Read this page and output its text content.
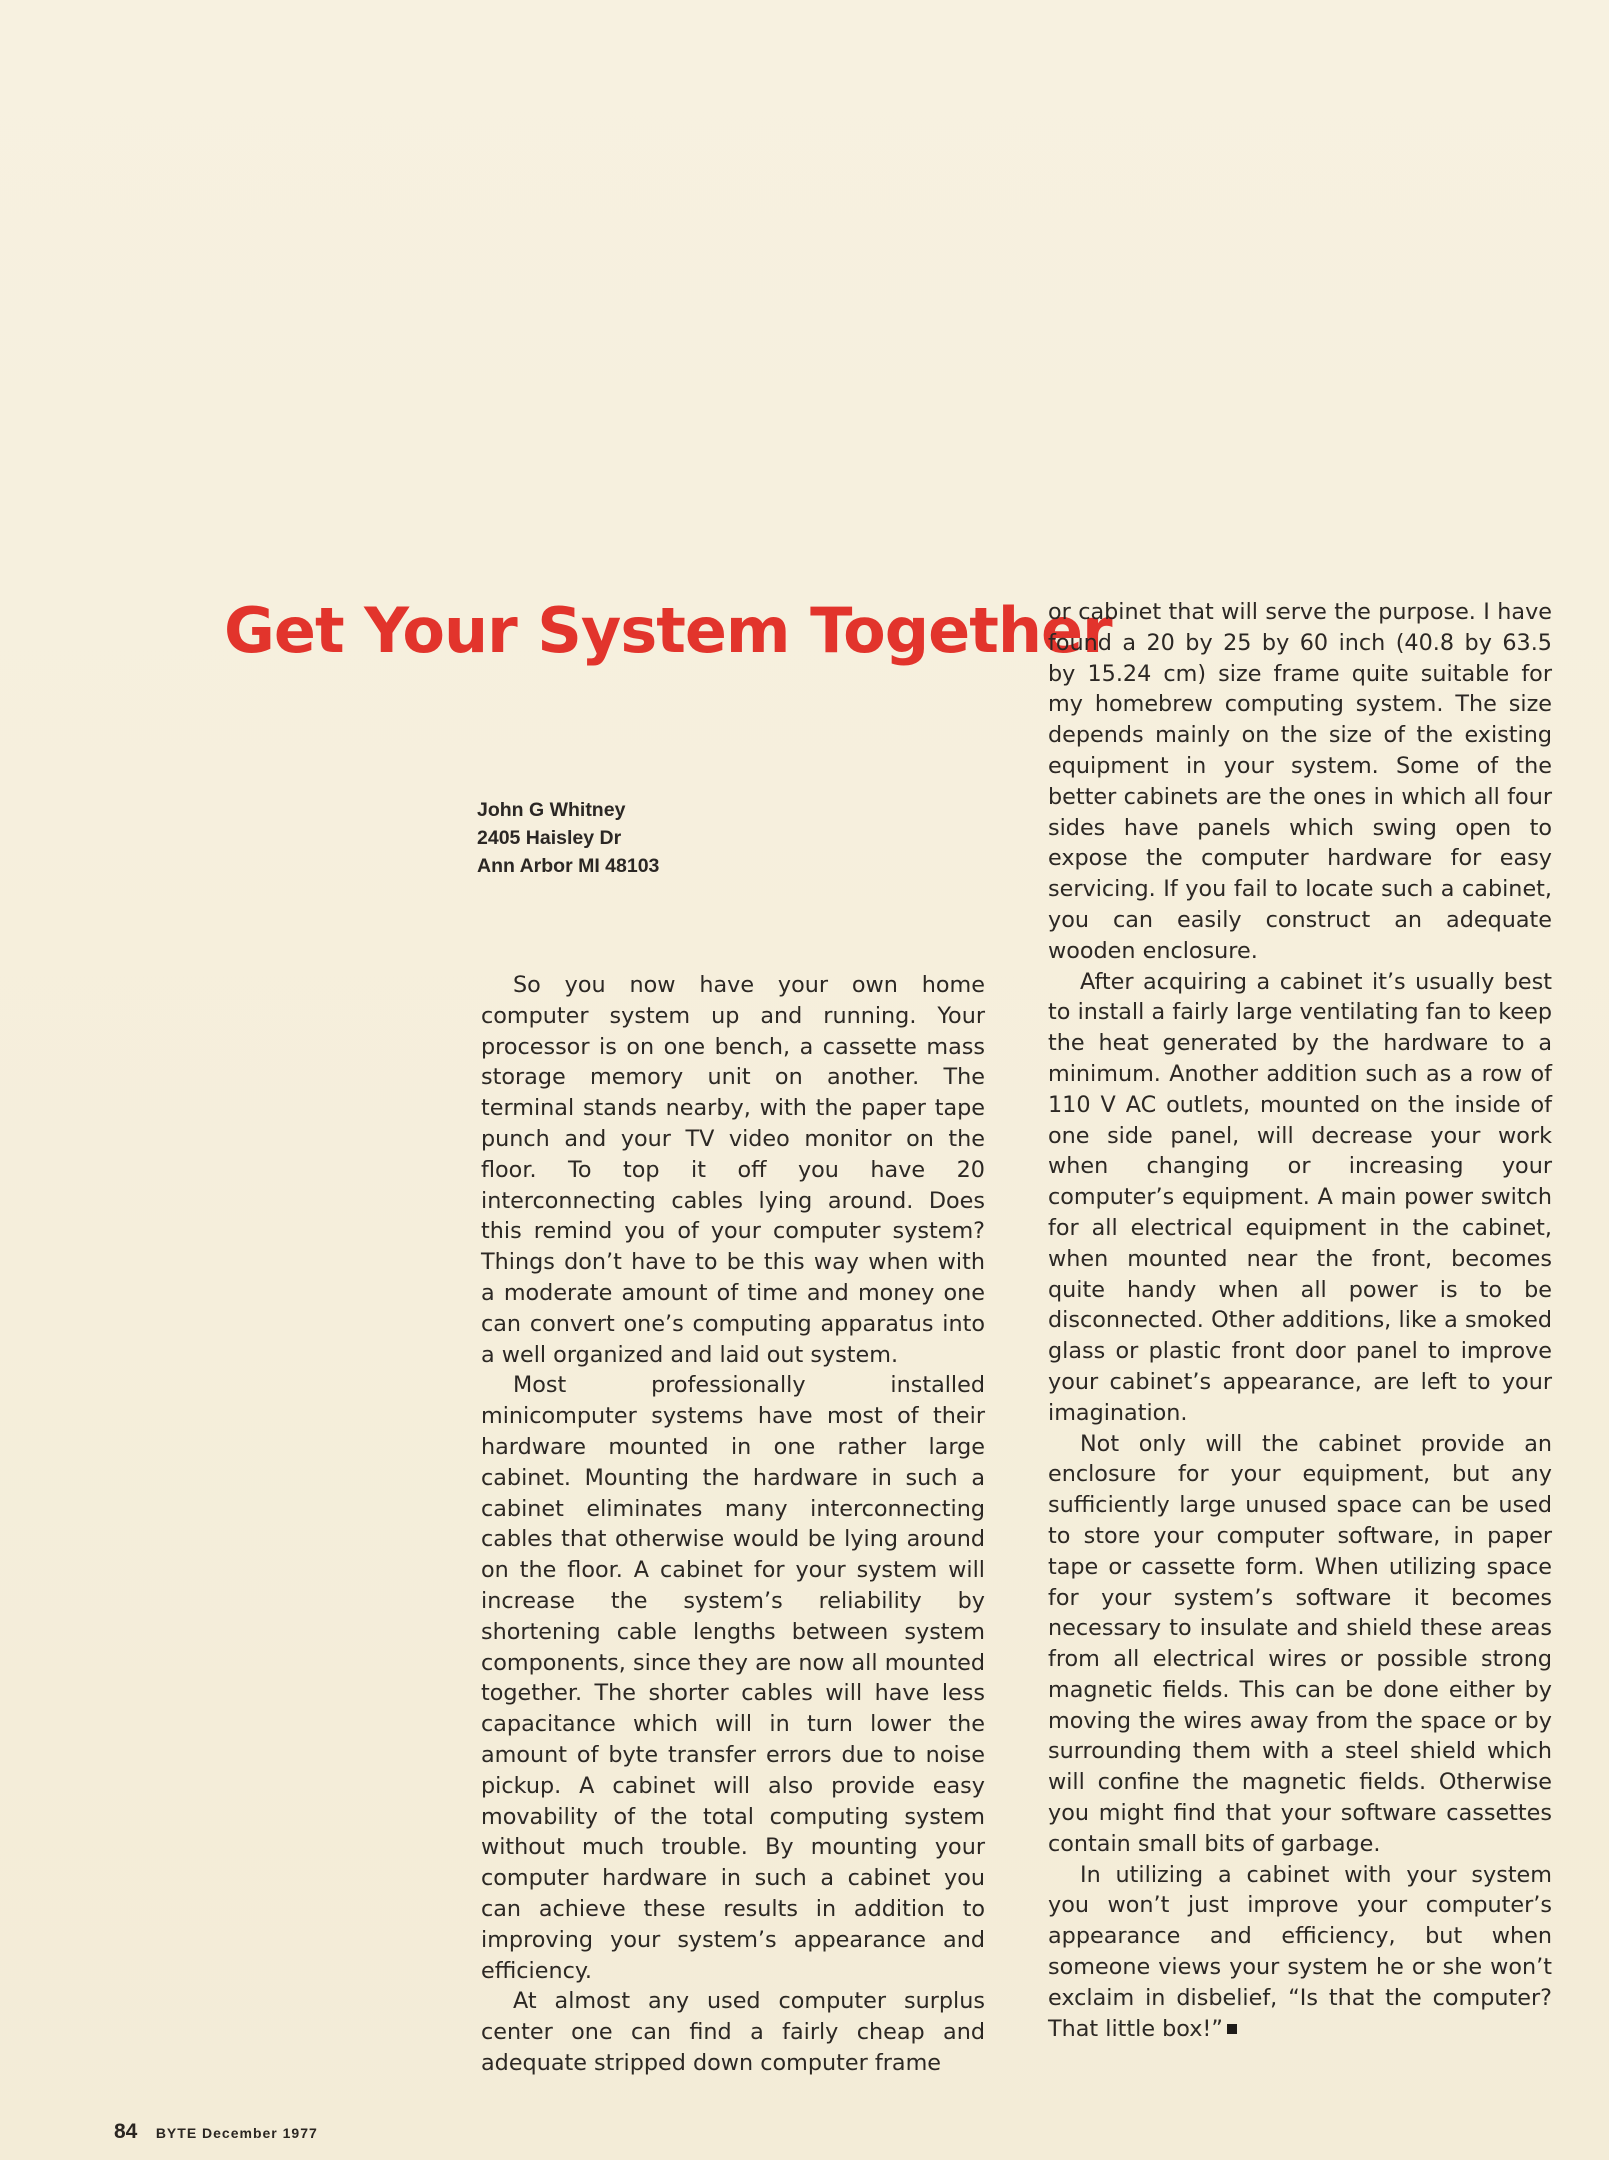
Get Your System Together
John G Whitney
2405 Haisley Dr
Ann Arbor MI 48103

So you now have your own home computer system up and running. Your processor is on one bench, a cassette mass storage memory unit on another. The terminal stands nearby, with the paper tape punch and your TV video monitor on the floor. To top it off you have 20 interconnecting cables lying around. Does this remind you of your computer system? Things don’t have to be this way when with a moderate amount of time and money one can convert one’s computing apparatus into a well organized and laid out system.

Most professionally installed minicomputer systems have most of their hardware mounted in one rather large cabinet. Mounting the hardware in such a cabinet eliminates many interconnecting cables that otherwise would be lying around on the floor. A cabinet for your system will increase the system’s reliability by shortening cable lengths between system components, since they are now all mounted together. The shorter cables will have less capacitance which will in turn lower the amount of byte transfer errors due to noise pickup. A cabinet will also provide easy movability of the total computing system without much trouble. By mounting your computer hardware in such a cabinet you can achieve these results in addition to improving your system’s appearance and efficiency.

At almost any used computer surplus center one can find a fairly cheap and adequate stripped down computer frame

or cabinet that will serve the purpose. I have found a 20 by 25 by 60 inch (40.8 by 63.5 by 15.24 cm) size frame quite suitable for my homebrew computing system. The size depends mainly on the size of the existing equipment in your system. Some of the better cabinets are the ones in which all four sides have panels which swing open to expose the computer hardware for easy servicing. If you fail to locate such a cabinet, you can easily construct an adequate wooden enclosure.

After acquiring a cabinet it’s usually best to install a fairly large ventilating fan to keep the heat generated by the hardware to a minimum. Another addition such as a row of 110 V AC outlets, mounted on the inside of one side panel, will decrease your work when changing or increasing your computer’s equipment. A main power switch for all electrical equipment in the cabinet, when mounted near the front, becomes quite handy when all power is to be disconnected. Other additions, like a smoked glass or plastic front door panel to improve your cabinet’s appearance, are left to your imagination.

Not only will the cabinet provide an enclosure for your equipment, but any sufficiently large unused space can be used to store your computer software, in paper tape or cassette form. When utilizing space for your system’s software it becomes necessary to insulate and shield these areas from all electrical wires or possible strong magnetic fields. This can be done either by moving the wires away from the space or by surrounding them with a steel shield which will confine the magnetic fields. Otherwise you might find that your software cassettes contain small bits of garbage.

In utilizing a cabinet with your system you won’t just improve your computer’s appearance and efficiency, but when someone views your system he or she won’t exclaim in disbelief, “Is that the computer? That little box!”

84 BYTE December 1977
